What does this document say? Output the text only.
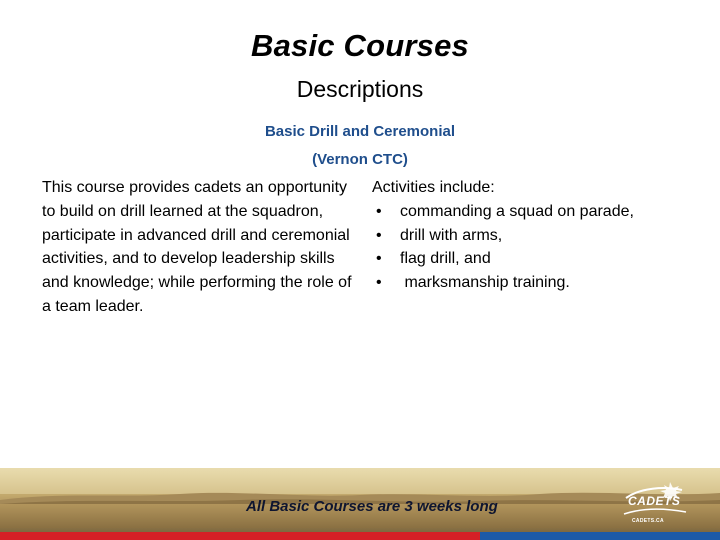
Basic Courses
Descriptions
Basic Drill and Ceremonial
(Vernon CTC)
This course provides cadets an opportunity to build on drill learned at the squadron, participate in advanced drill and ceremonial activities, and to develop leadership skills and knowledge; while performing the role of a team leader.
Activities include:
• commanding a squad on parade,
• drill with arms,
• flag drill, and
• marksmanship training.
All Basic Courses are 3 weeks long	CADETS
CADETS.CA
